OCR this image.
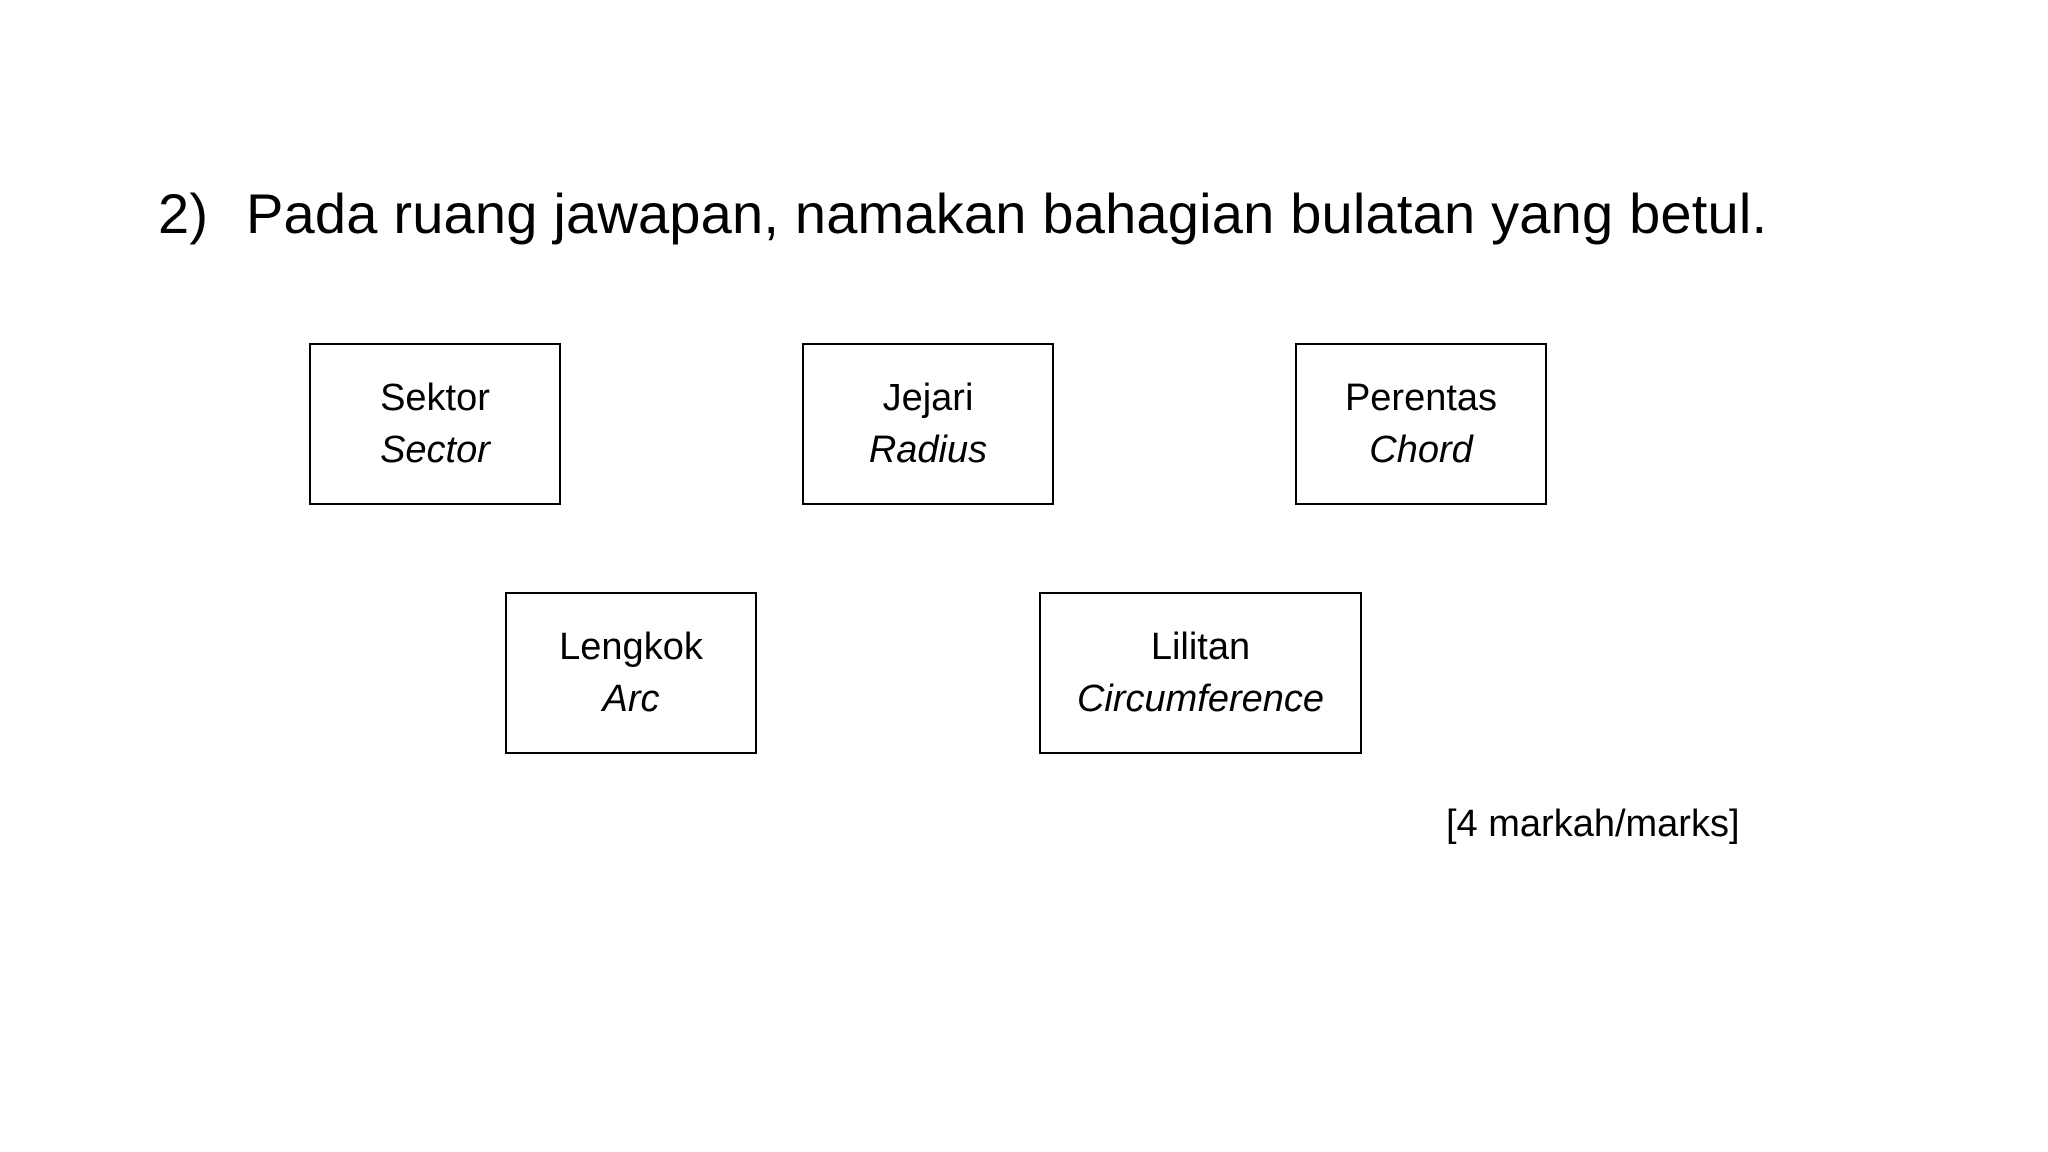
2) Pada ruang jawapan, namakan bahagian bulatan yang betul.
Sektor
Sector
Jejari
Radius
Perentas
Chord
Lengkok
Arc
Lilitan
Circumference
[4 markah/marks]
